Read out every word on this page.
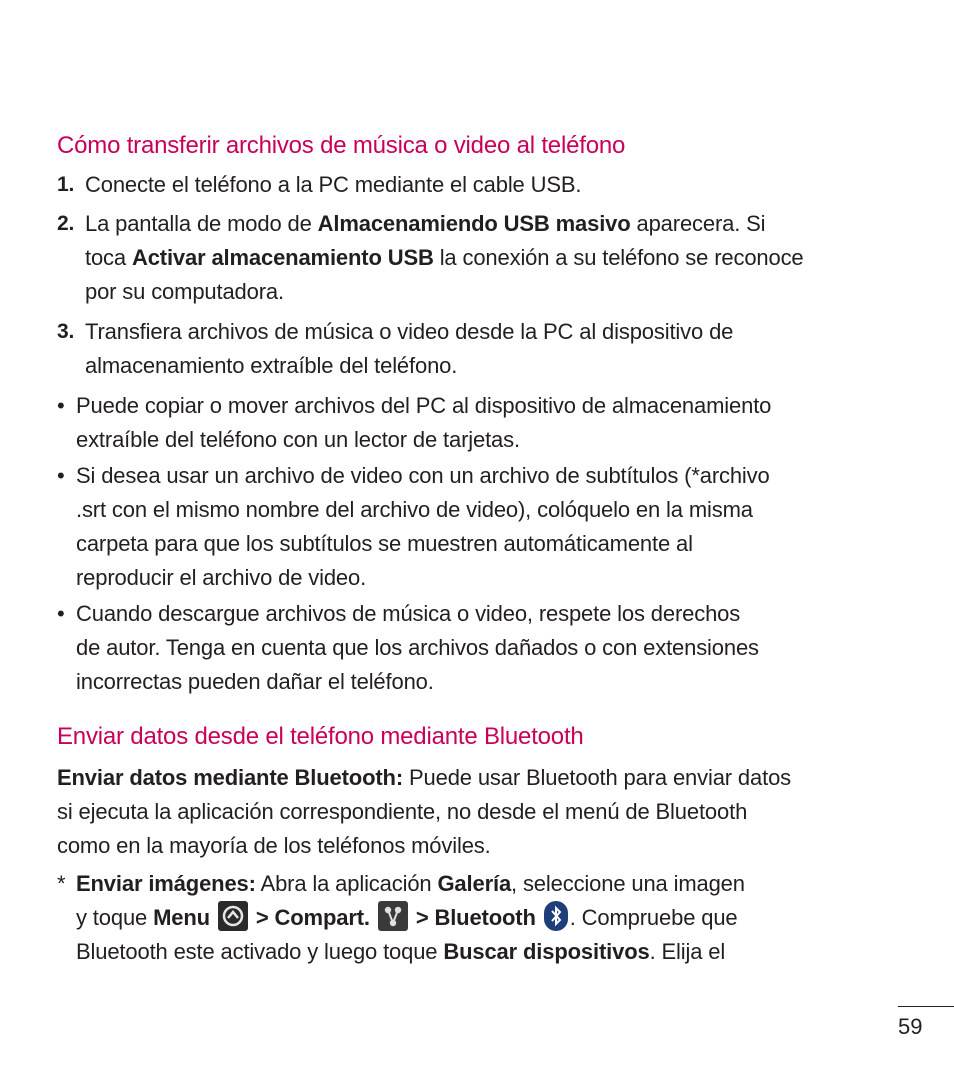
Cómo transferir archivos de música o video al teléfono
1. Conecte el teléfono a la PC mediante el cable USB.
2. La pantalla de modo de Almacenamiendo USB masivo aparecera. Si
toca Activar almacenamiento USB la conexión a su teléfono se reconoce
por su computadora.
3. Transfiera archivos de música o video desde la PC al dispositivo de
almacenamiento extraíble del teléfono.
• Puede copiar o mover archivos del PC al dispositivo de almacenamiento
extraíble del teléfono con un lector de tarjetas.
• Si desea usar un archivo de video con un archivo de subtítulos (*archivo
.srt con el mismo nombre del archivo de video), colóquelo en la misma
carpeta para que los subtítulos se muestren automáticamente al
reproducir el archivo de video.
• Cuando descargue archivos de música o video, respete los derechos
de autor. Tenga en cuenta que los archivos dañados o con extensiones
incorrectas pueden dañar el teléfono.
Enviar datos desde el teléfono mediante Bluetooth
Enviar datos mediante Bluetooth: Puede usar Bluetooth para enviar datos
si ejecuta la aplicación correspondiente, no desde el menú de Bluetooth
como en la mayoría de los teléfonos móviles.
* Enviar imágenes: Abra la aplicación Galería, seleccione una imagen
y toque Menu
> Compart.
> Bluetooth . Compruebe que
Bluetooth este activado y luego toque Buscar dispositivos. Elija el
59
